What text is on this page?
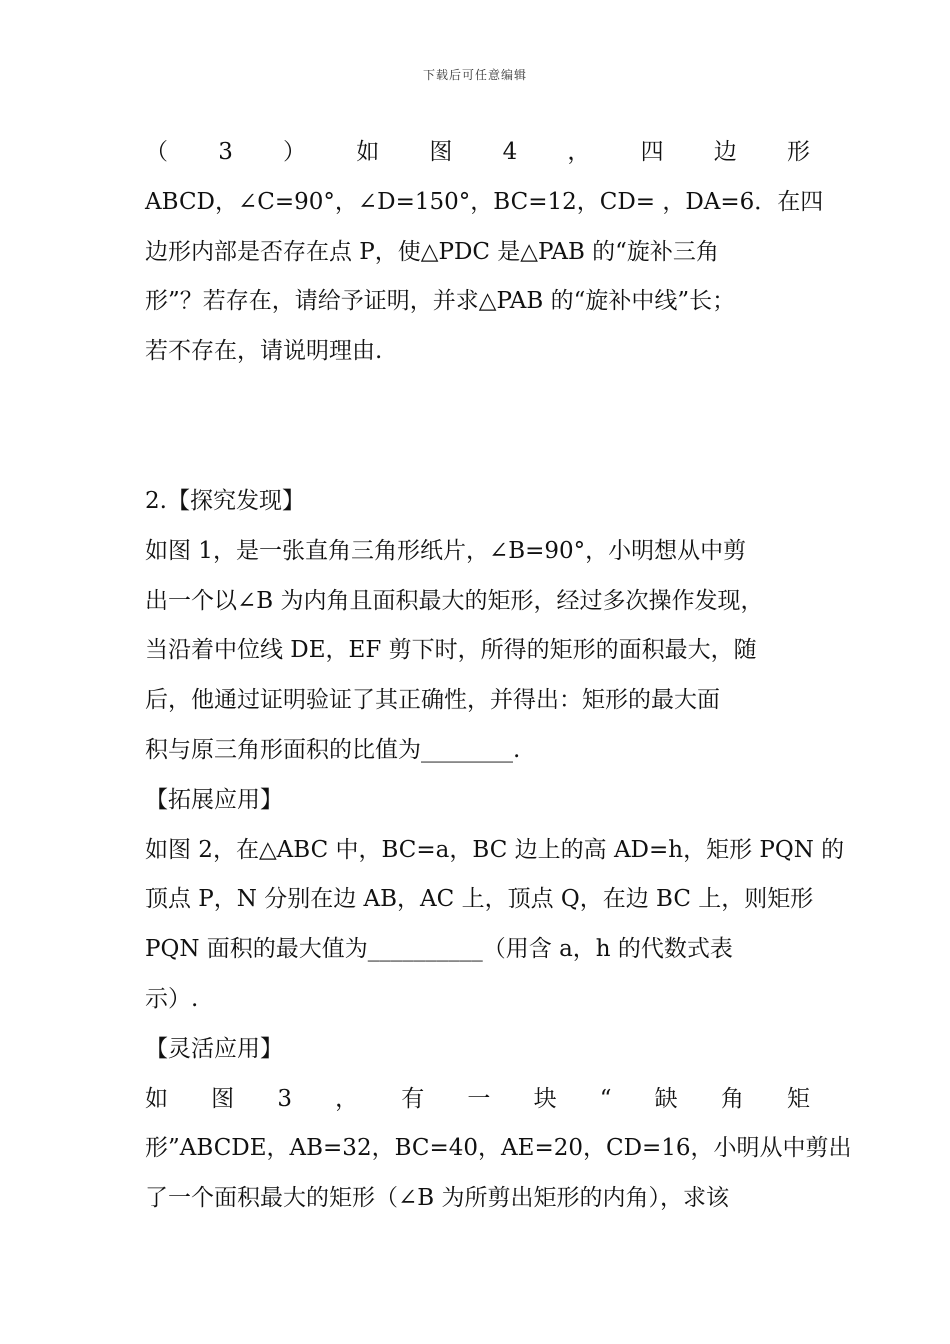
下载后可任意编辑
（ 3 ） 如 图 4 ， 四 边 形
ABCD，∠C=90°，∠D=150°，BC=12，CD= ，DA=6．在四
边形内部是否存在点 P，使△PDC 是△PAB 的“旋补三角
形”？若存在，请给予证明，并求△PAB 的“旋补中线”长；
若不存在，请说明理由.
2.【探究发现】
如图 1，是一张直角三角形纸片，∠B=90°，小明想从中剪
出一个以∠B 为内角且面积最大的矩形，经过多次操作发现，
当沿着中位线 DE，EF 剪下时，所得的矩形的面积最大，随
后，他通过证明验证了其正确性，并得出：矩形的最大面
积与原三角形面积的比值为________.
【拓展应用】
如图 2，在△ABC 中，BC=a，BC 边上的高 AD=h，矩形 PQN 的
顶点 P，N 分别在边 AB，AC 上，顶点 Q，在边 BC 上，则矩形
PQN 面积的最大值为__________（用含 a，h 的代数式表
示）.
【灵活应用】
如 图 3 ， 有 一 块 “ 缺 角 矩
形”ABCDE，AB=32，BC=40，AE=20，CD=16，小明从中剪出
了一个面积最大的矩形（∠B 为所剪出矩形的内角），求该
